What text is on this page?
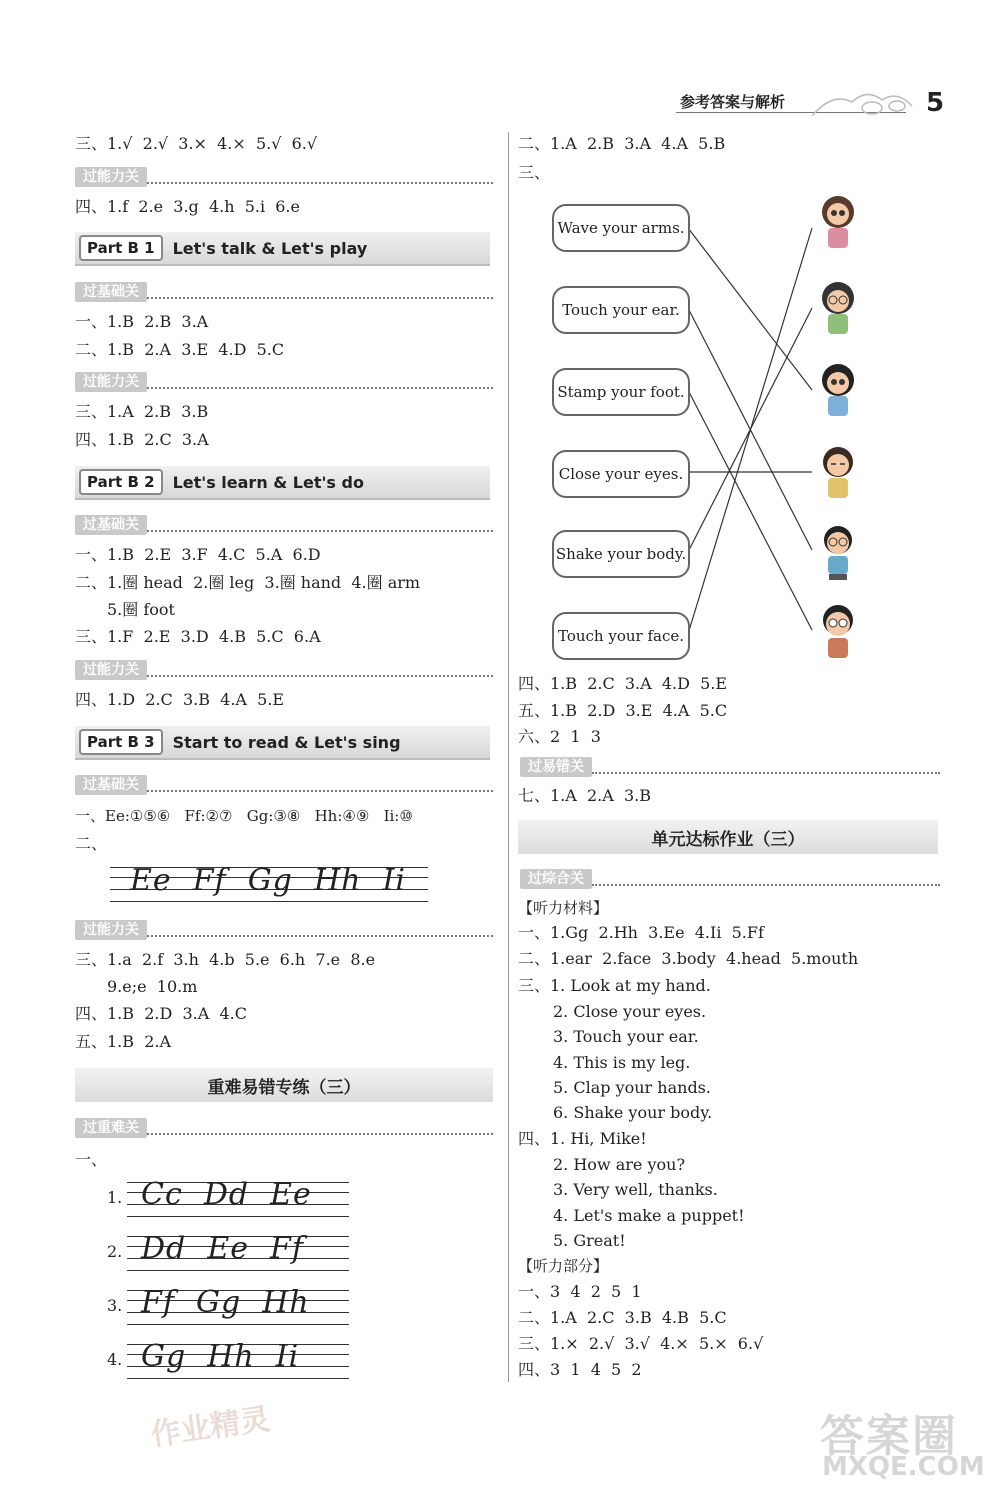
参考答案与解析	5
三、1.√  2.√  3.×  4.×  5.√  6.√
过能力关
四、1.f  2.e  3.g  4.h  5.i  6.e
Part B 1	Let's talk & Let's play
过基础关
一、1.B  2.B  3.A
二、1.B  2.A  3.E  4.D  5.C
过能力关
三、1.A  2.B  3.B
四、1.B  2.C  3.A
Part B 2	Let's learn & Let's do
过基础关
一、1.B  2.E  3.F  4.C  5.A  6.D
二、1.圈 head  2.圈 leg  3.圈 hand  4.圈 arm
5.圈 foot
三、1.F  2.E  3.D  4.B  5.C  6.A
过能力关
四、1.D  2.C  3.B  4.A  5.E
Part B 3	Start to read & Let's sing
过基础关
一、Ee:①⑤⑥   Ff:②⑦   Gg:③⑧   Hh:④⑨   Ii:⑩
二、
Ee  Ff  Gg  Hh  Ii
过能力关
三、1.a  2.f  3.h  4.b  5.e  6.h  7.e  8.e
9.e;e  10.m
四、1.B  2.D  3.A  4.C
五、1.B  2.A
重难易错专练（三）
过重难关
一、
1. Cc  Dd  Ee
2. Dd  Ee  Ff
3. Ff  Gg  Hh
4. Gg  Hh  Ii
二、1.A  2.B  3.A  4.A  5.B
三、
Wave your arms.
Touch your ear.
Stamp your foot.
Close your eyes.
Shake your body.
Touch your face.
四、1.B  2.C  3.A  4.D  5.E
五、1.B  2.D  3.E  4.A  5.C
六、2  1  3
过易错关
七、1.A  2.A  3.B
单元达标作业（三）
过综合关
【听力材料】
一、1.Gg  2.Hh  3.Ee  4.Ii  5.Ff
二、1.ear  2.face  3.body  4.head  5.mouth
三、1. Look at my hand.
2. Close your eyes.
3. Touch your ear.
4. This is my leg.
5. Clap your hands.
6. Shake your body.
四、1. Hi, Mike!
2. How are you?
3. Very well, thanks.
4. Let's make a puppet!
5. Great!
【听力部分】
一、3  4  2  5  1
二、1.A  2.C  3.B  4.B  5.C
三、1.×  2.√  3.√  4.×  5.×  6.√
四、3  1  4  5  2
作业精灵	答案圈
MXQE.COM
